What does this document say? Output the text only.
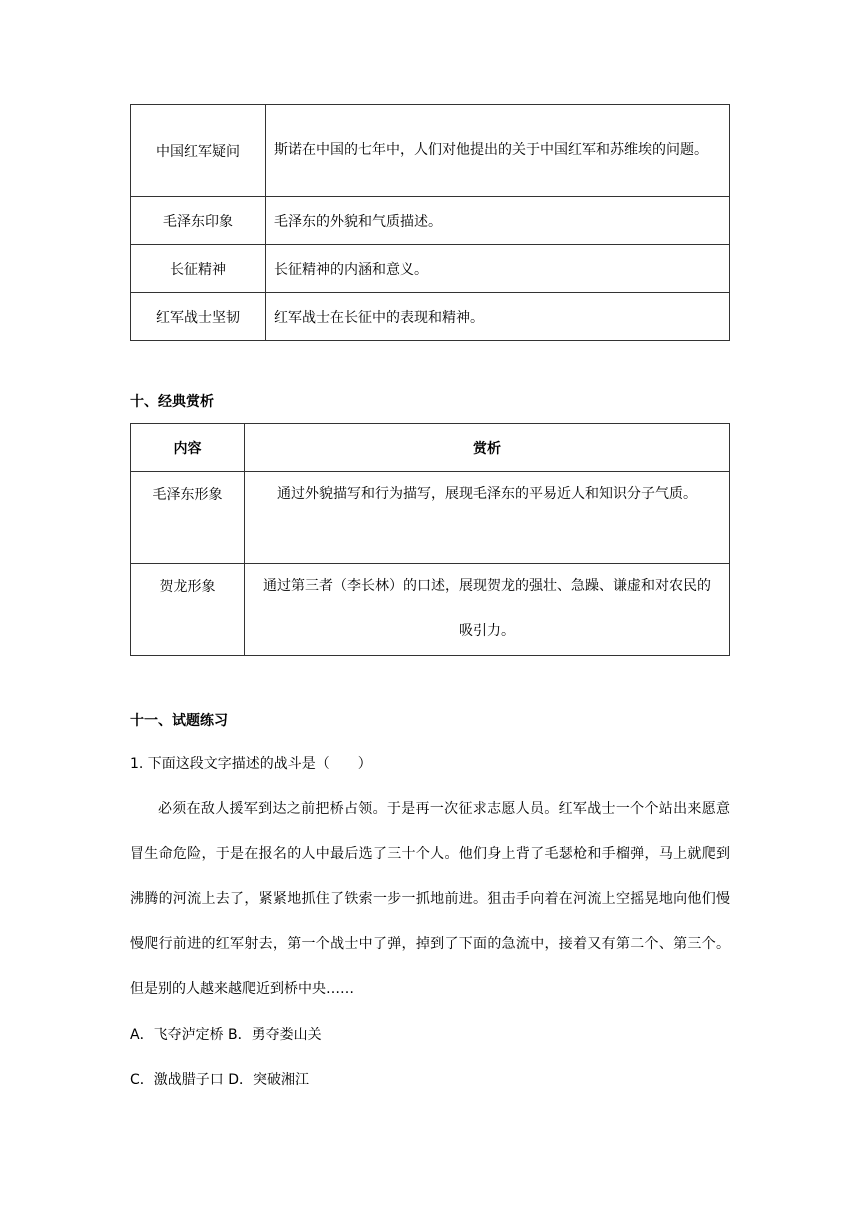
中国红军疑问	斯诺在中国的七年中，人们对他提出的关于中国红军和苏维埃的问题。
毛泽东印象	毛泽东的外貌和气质描述。
长征精神	长征精神的内涵和意义。
红军战士坚韧	红军战士在长征中的表现和精神。
十、经典赏析
内容	赏析
毛泽东形象	通过外貌描写和行为描写，展现毛泽东的平易近人和知识分子气质。
贺龙形象	通过第三者（李长林）的口述，展现贺龙的强壮、急躁、谦虚和对农民的吸引力。
十一、试题练习
1. 下面这段文字描述的战斗是（　　）
必须在敌人援军到达之前把桥占领。于是再一次征求志愿人员。红军战士一个个站出来愿意冒生命危险，于是在报名的人中最后选了三十个人。他们身上背了毛瑟枪和手榴弹，马上就爬到沸腾的河流上去了，紧紧地抓住了铁索一步一抓地前进。狙击手向着在河流上空摇晃地向他们慢慢爬行前进的红军射去，第一个战士中了弹，掉到了下面的急流中，接着又有第二个、第三个。但是别的人越来越爬近到桥中央……
A．飞夺泸定桥 B．勇夺娄山关
C．激战腊子口 D．突破湘江
